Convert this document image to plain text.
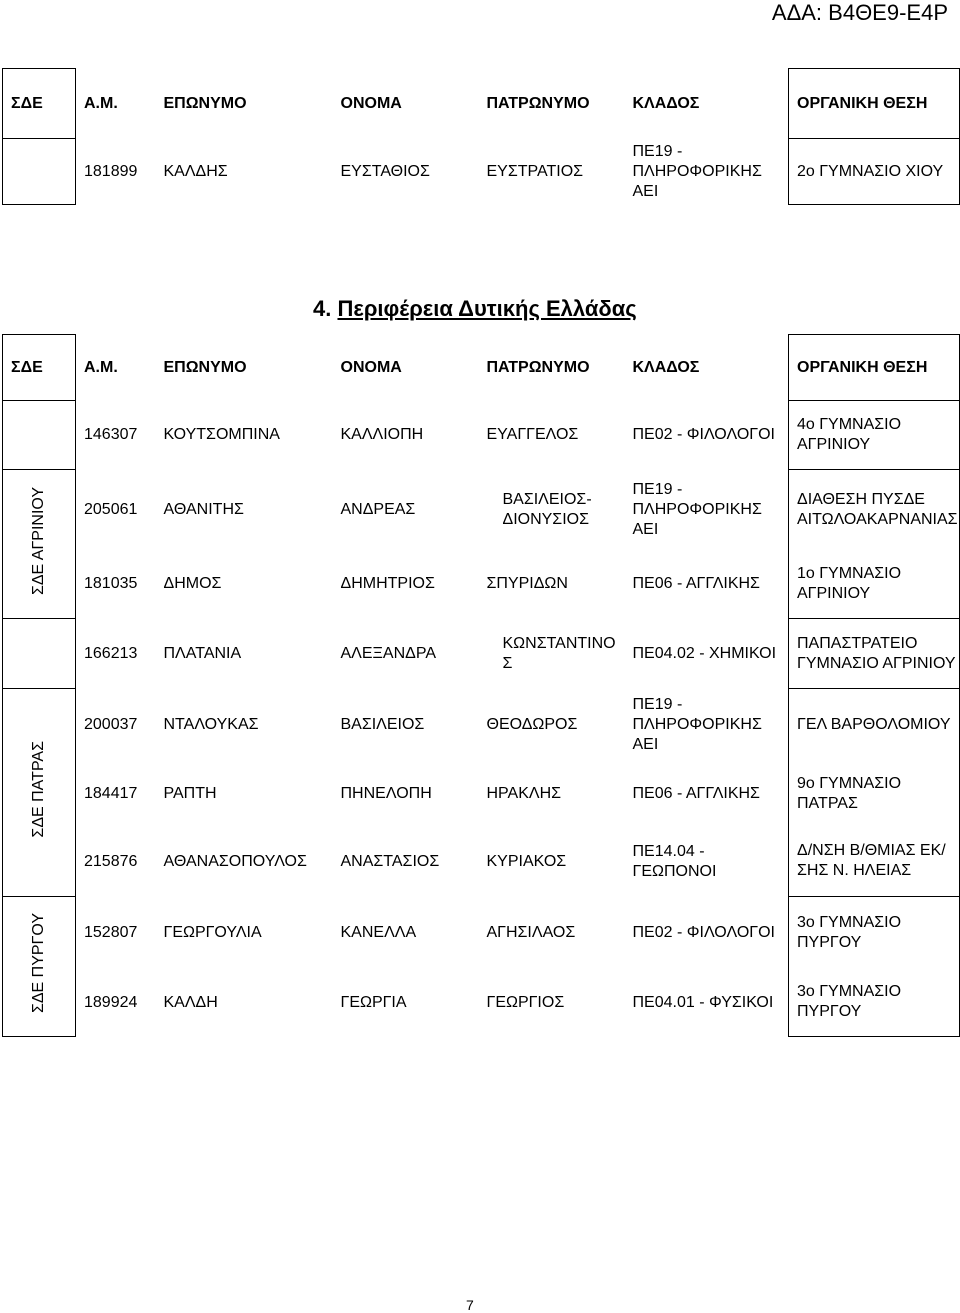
ΑΔΑ: Β4ΘΕ9-Ε4Ρ
ΣΔΕ	Α.Μ.	ΕΠΩΝΥΜΟ	ΟΝΟΜΑ	ΠΑΤΡΩΝΥΜΟ	ΚΛΑΔΟΣ	ΟΡΓΑΝΙΚΗ ΘΕΣΗ
	181899	ΚΑΛΔΗΣ	ΕΥΣΤΑΘΙΟΣ	ΕΥΣΤΡΑΤΙΟΣ	ΠΕ19 - ΠΛΗΡΟΦΟΡΙΚΗΣ ΑΕΙ	2ο ΓΥΜΝΑΣΙΟ ΧΙΟΥ
4. Περιφέρεια Δυτικής Ελλάδας
ΣΔΕ	Α.Μ.	ΕΠΩΝΥΜΟ	ΟΝΟΜΑ	ΠΑΤΡΩΝΥΜΟ	ΚΛΑΔΟΣ	ΟΡΓΑΝΙΚΗ ΘΕΣΗ
	146307	ΚΟΥΤΣΟΜΠΙΝΑ	ΚΑΛΛΙΟΠΗ	ΕΥΑΓΓΕΛΟΣ	ΠΕ02 - ΦΙΛΟΛΟΓΟΙ	4ο ΓΥΜΝΑΣΙΟ ΑΓΡΙΝΙΟΥ
ΣΔΕ ΑΓΡΙΝΙΟΥ	205061	ΑΘΑΝΙΤΗΣ	ΑΝΔΡΕΑΣ	ΒΑΣΙΛΕΙΟΣ-ΔΙΟΝΥΣΙΟΣ	ΠΕ19 - ΠΛΗΡΟΦΟΡΙΚΗΣ ΑΕΙ	ΔΙΑΘΕΣΗ ΠΥΣΔΕ ΑΙΤΩΛΟΑΚΑΡΝΑΝΙΑΣ
	181035	ΔΗΜΟΣ	ΔΗΜΗΤΡΙΟΣ	ΣΠΥΡΙΔΩΝ	ΠΕ06 - ΑΓΓΛΙΚΗΣ	1ο ΓΥΜΝΑΣΙΟ ΑΓΡΙΝΙΟΥ
	166213	ΠΛΑΤΑΝΙΑ	ΑΛΕΞΑΝΔΡΑ	ΚΩΝΣΤΑΝΤΙΝΟΣ	ΠΕ04.02 - ΧΗΜΙΚΟΙ	ΠΑΠΑΣΤΡΑΤΕΙΟ ΓΥΜΝΑΣΙΟ ΑΓΡΙΝΙΟΥ
ΣΔΕ ΠΑΤΡΑΣ	200037	ΝΤΑΛΟΥΚΑΣ	ΒΑΣΙΛΕΙΟΣ	ΘΕΟΔΩΡΟΣ	ΠΕ19 - ΠΛΗΡΟΦΟΡΙΚΗΣ ΑΕΙ	ΓΕΛ ΒΑΡΘΟΛΟΜΙΟΥ
	184417	ΡΑΠΤΗ	ΠΗΝΕΛΟΠΗ	ΗΡΑΚΛΗΣ	ΠΕ06 - ΑΓΓΛΙΚΗΣ	9ο ΓΥΜΝΑΣΙΟ ΠΑΤΡΑΣ
	215876	ΑΘΑΝΑΣΟΠΟΥΛΟΣ	ΑΝΑΣΤΑΣΙΟΣ	ΚΥΡΙΑΚΟΣ	ΠΕ14.04 - ΓΕΩΠΟΝΟΙ	Δ/ΝΣΗ Β/ΘΜΙΑΣ ΕΚ/ΣΗΣ Ν. ΗΛΕΙΑΣ
ΣΔΕ ΠΥΡΓΟΥ	152807	ΓΕΩΡΓΟΥΛΙΑ	ΚΑΝΕΛΛΑ	ΑΓΗΣΙΛΑΟΣ	ΠΕ02 - ΦΙΛΟΛΟΓΟΙ	3ο ΓΥΜΝΑΣΙΟ ΠΥΡΓΟΥ
	189924	ΚΑΛΔΗ	ΓΕΩΡΓΙΑ	ΓΕΩΡΓΙΟΣ	ΠΕ04.01 - ΦΥΣΙΚΟΙ	3ο ΓΥΜΝΑΣΙΟ ΠΥΡΓΟΥ
7
